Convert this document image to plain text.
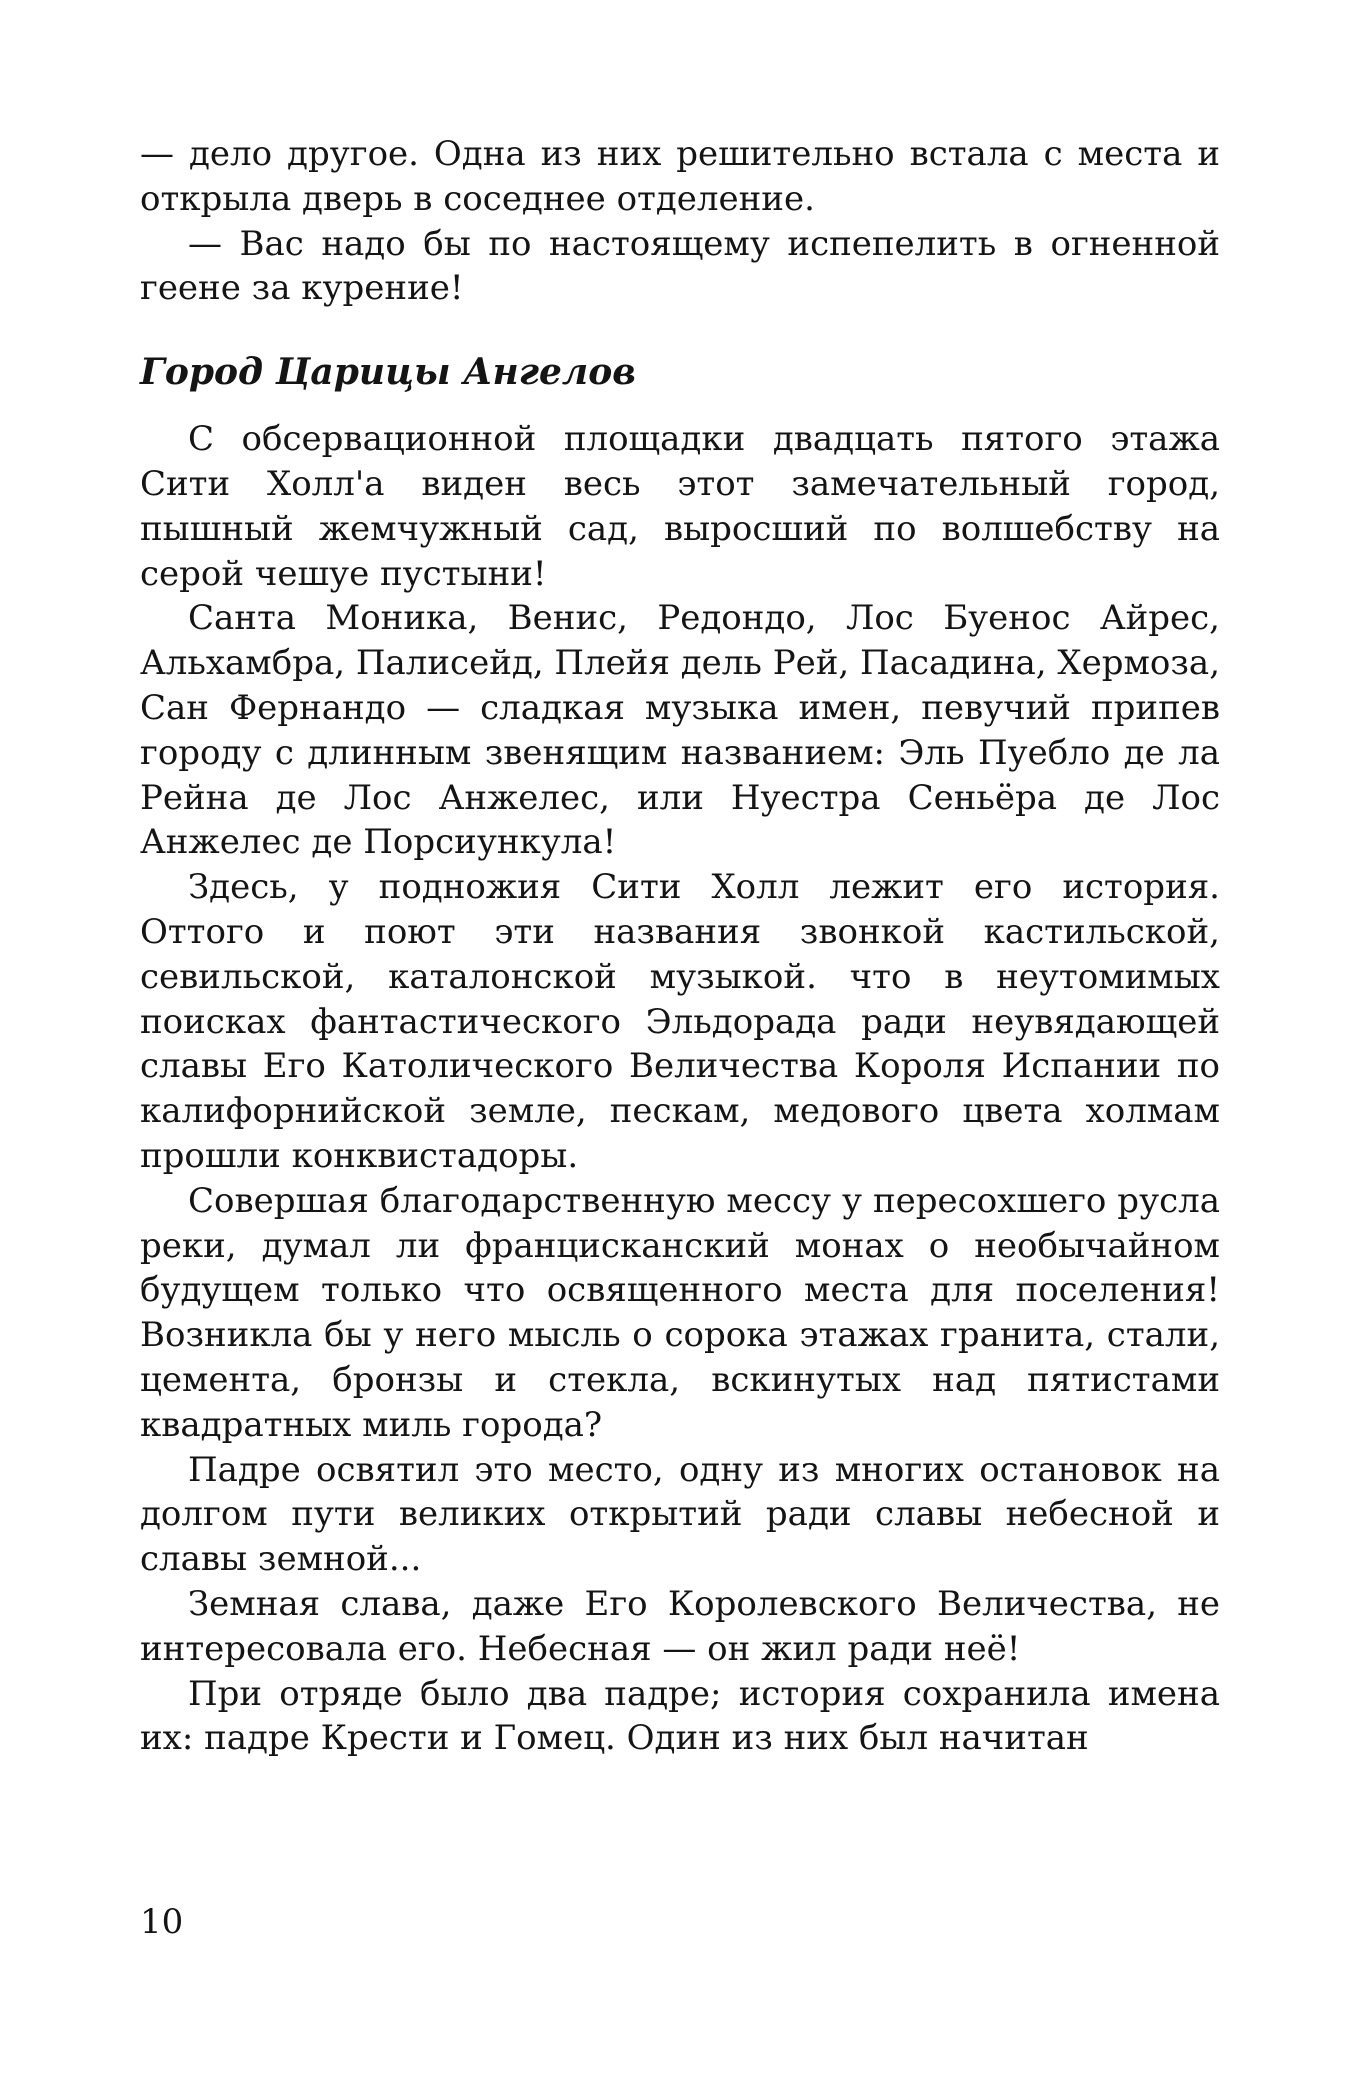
— дело другое. Одна из них решительно встала с места и открыла дверь в соседнее отделение.

— Вас надо бы по настоящему испепелить в огненной геене за курение!

Город Царицы Ангелов

С обсервационной площадки двадцать пятого этажа Сити Холл'а виден весь этот замечательный город, пышный жемчужный сад, выросший по волшебству на серой чешуе пустыни!

Санта Моника, Венис, Редондо, Лос Буенос Айрес, Альхамбра, Палисейд, Плейя дель Рей, Пасадина, Хермоза, Сан Фернандо — сладкая музыка имен, певучий припев городу с длинным звенящим названием: Эль Пуебло де ла Рейна де Лос Анжелес, или Нуестра Сеньёра де Лос Анжелес де Порсиункула!

Здесь, у подножия Сити Холл лежит его история. Оттого и поют эти названия звонкой кастильской, севильской, каталонской музыкой. что в неутомимых поисках фантастического Эльдорада ради неувядающей славы Его Католического Величества Короля Испании по калифорнийской земле, пескам, медового цвета холмам прошли конквистадоры.

Совершая благодарственную мессу у пересохшего русла реки, думал ли францисканский монах о необычайном будущем только что освященного места для поселения! Возникла бы у него мысль о сорока этажах гранита, стали, цемента, бронзы и стекла, вскинутых над пятистами квадратных миль города?

Падре освятил это место, одну из многих остановок на долгом пути великих открытий ради славы небесной и славы земной...

Земная слава, даже Его Королевского Величества, не интересовала его. Небесная — он жил ради неё!

При отряде было два падре; история сохранила имена их: падре Крести и Гомец. Один из них был начитан

10
